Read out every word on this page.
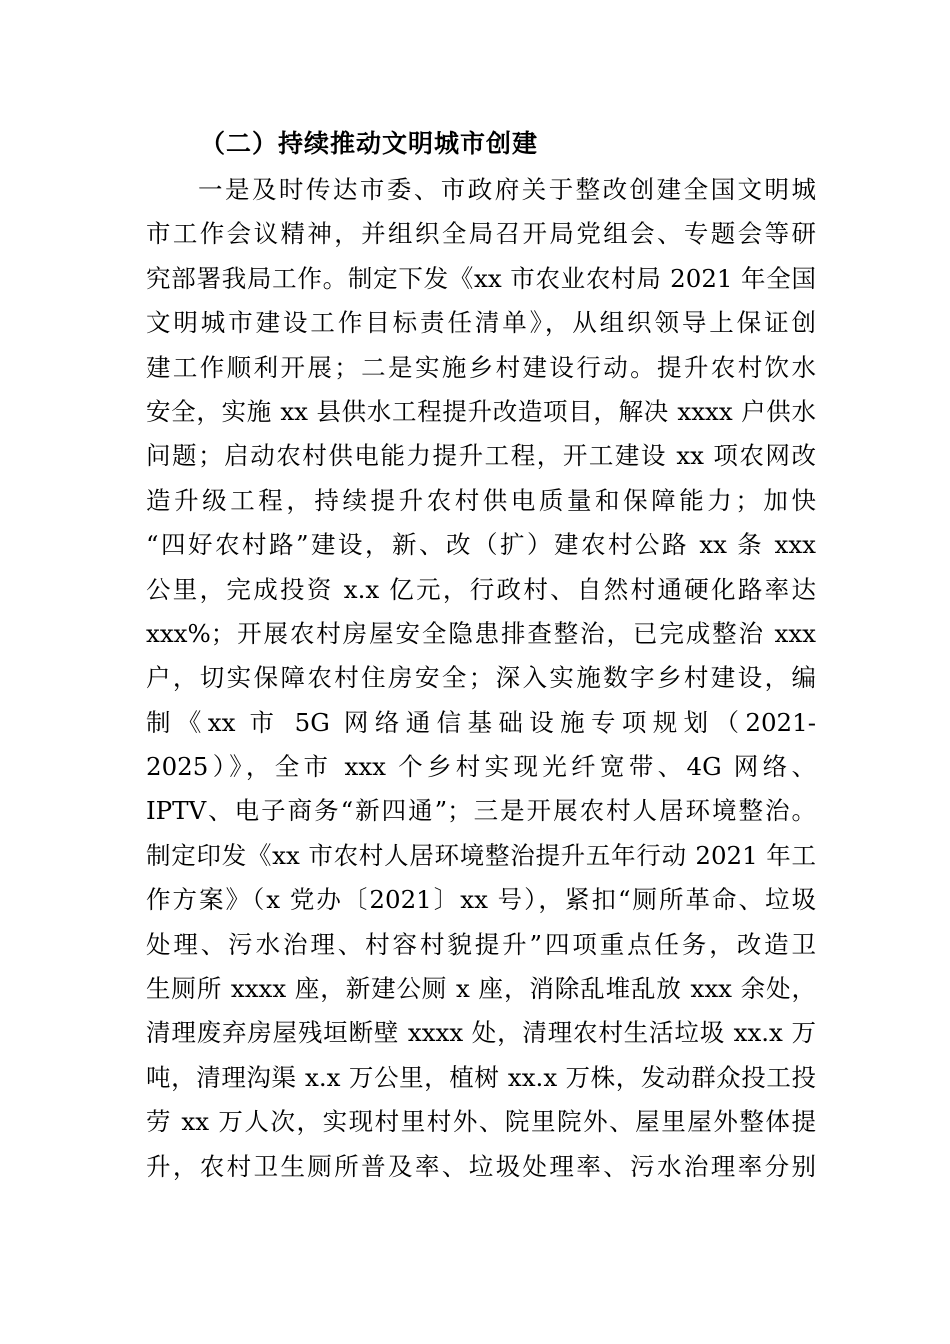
（二）持续推动文明城市创建
一是及时传达市委、市政府关于整改创建全国文明城
市工作会议精神，并组织全局召开局党组会、专题会等研
究部署我局工作。制定下发《xx 市农业农村局 2021 年全国
文明城市建设工作目标责任清单》，从组织领导上保证创
建工作顺利开展；二是实施乡村建设行动。提升农村饮水
安全，实施 xx 县供水工程提升改造项目，解决 xxxx 户供水
问题；启动农村供电能力提升工程，开工建设 xx 项农网改
造升级工程，持续提升农村供电质量和保障能力；加快
“四好农村路”建设，新、改（扩）建农村公路 xx 条 xxx
公里，完成投资 x.x 亿元，行政村、自然村通硬化路率达
xxx%；开展农村房屋安全隐患排查整治，已完成整治 xxx
户，切实保障农村住房安全；深入实施数字乡村建设，编
制《xx 市 5G 网络通信基础设施专项规划（2021-
2025）》，全市 xxx 个乡村实现光纤宽带、4G 网络、
IPTV、电子商务“新四通”；三是开展农村人居环境整治。
制定印发《xx 市农村人居环境整治提升五年行动 2021 年工
作方案》（x 党办〔2021〕xx 号），紧扣“厕所革命、垃圾
处理、污水治理、村容村貌提升”四项重点任务，改造卫
生厕所 xxxx 座，新建公厕 x 座，消除乱堆乱放 xxx 余处，
清理废弃房屋残垣断壁 xxxx 处，清理农村生活垃圾 xx.x 万
吨，清理沟渠 x.x 万公里，植树 xx.x 万株，发动群众投工投
劳 xx 万人次，实现村里村外、院里院外、屋里屋外整体提
升，农村卫生厕所普及率、垃圾处理率、污水治理率分别
